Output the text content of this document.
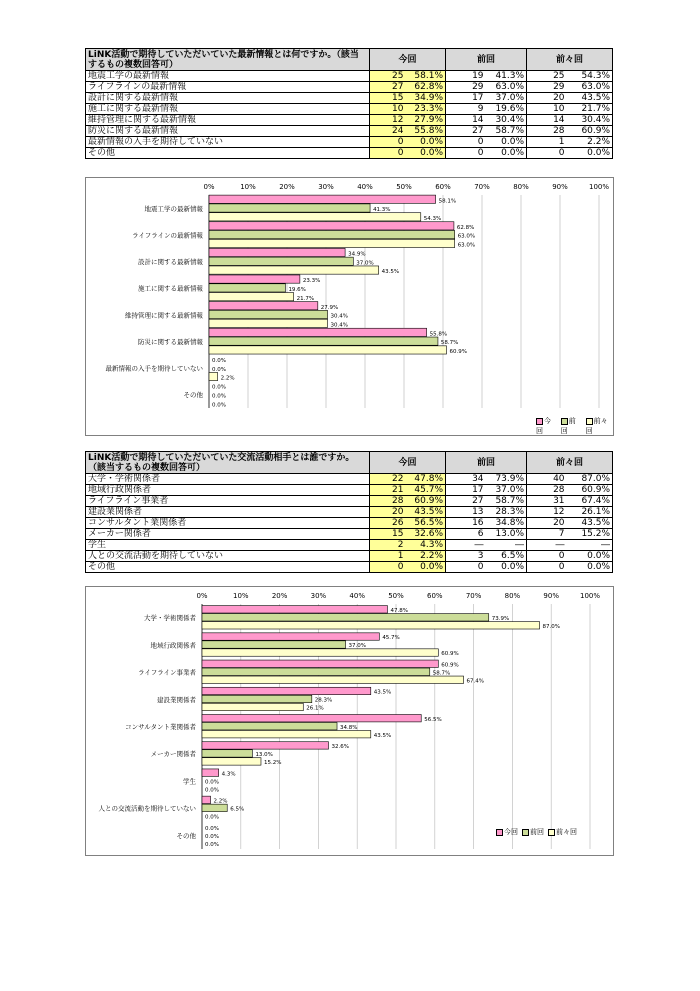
LiNK活動で期待していただいていた最新情報とは何ですか。（該当するもの複数回答可）	今回		前回		前々回	
地震工学の最新情報	25	58.1%	19	41.3%	25	54.3%
ライフラインの最新情報	27	62.8%	29	63.0%	29	63.0%
設計に関する最新情報	15	34.9%	17	37.0%	20	43.5%
施工に関する最新情報	10	23.3%	9	19.6%	10	21.7%
維持管理に関する最新情報	12	27.9%	14	30.4%	14	30.4%
防災に関する最新情報	24	55.8%	27	58.7%	28	60.9%
最新情報の入手を期待していない	0	0.0%	0	0.0%	1	2.2%
その他	0	0.0%	0	0.0%	0	0.0%
0%	10%	20%	30%	40%	50%	60%	70%	80%	90%	100%
地震工学の最新情報
58.1%
41.3%
54.3%
ライフラインの最新情報
62.8%
63.0%
63.0%
設計に関する最新情報
34.9%
37.0%
43.5%
施工に関する最新情報
23.3%
19.6%
21.7%
維持管理に関する最新情報
27.9%
30.4%
30.4%
防災に関する最新情報
55.8%
58.7%
60.9%
最新情報の入手を期待していない
0.0%
0.0%
2.2%
その他
0.0%
0.0%
0.0%
今回
前回
前々回
LiNK活動で期待していただいていた交流活動相手とは誰ですか。（該当するもの複数回答可）	今回		前回		前々回	
大学・学術関係者	22	47.8%	34	73.9%	40	87.0%
地域行政関係者	21	45.7%	17	37.0%	28	60.9%
ライフライン事業者	28	60.9%	27	58.7%	31	67.4%
建設業関係者	20	43.5%	13	28.3%	12	26.1%
コンサルタント業関係者	26	56.5%	16	34.8%	20	43.5%
メーカー関係者	15	32.6%	6	13.0%	7	15.2%
学生	2	4.3%	―	―	―	―
人との交流活動を期待していない	1	2.2%	3	6.5%	0	0.0%
その他	0	0.0%	0	0.0%	0	0.0%
0%	10%	20%	30%	40%	50%	60%	70%	80%	90%	100%
大学・学術関係者
47.8%
73.9%
87.0%
地域行政関係者
45.7%
37.0%
60.9%
ライフライン事業者
60.9%
58.7%
67.4%
建設業関係者
43.5%
28.3%
26.1%
コンサルタント業関係者
56.5%
34.8%
43.5%
メーカー関係者
32.6%
13.0%
15.2%
学生
4.3%
0.0%
0.0%
人との交流活動を期待していない
2.2%
6.5%
0.0%
その他
0.0%
0.0%
0.0%
今回	前回	前々回
